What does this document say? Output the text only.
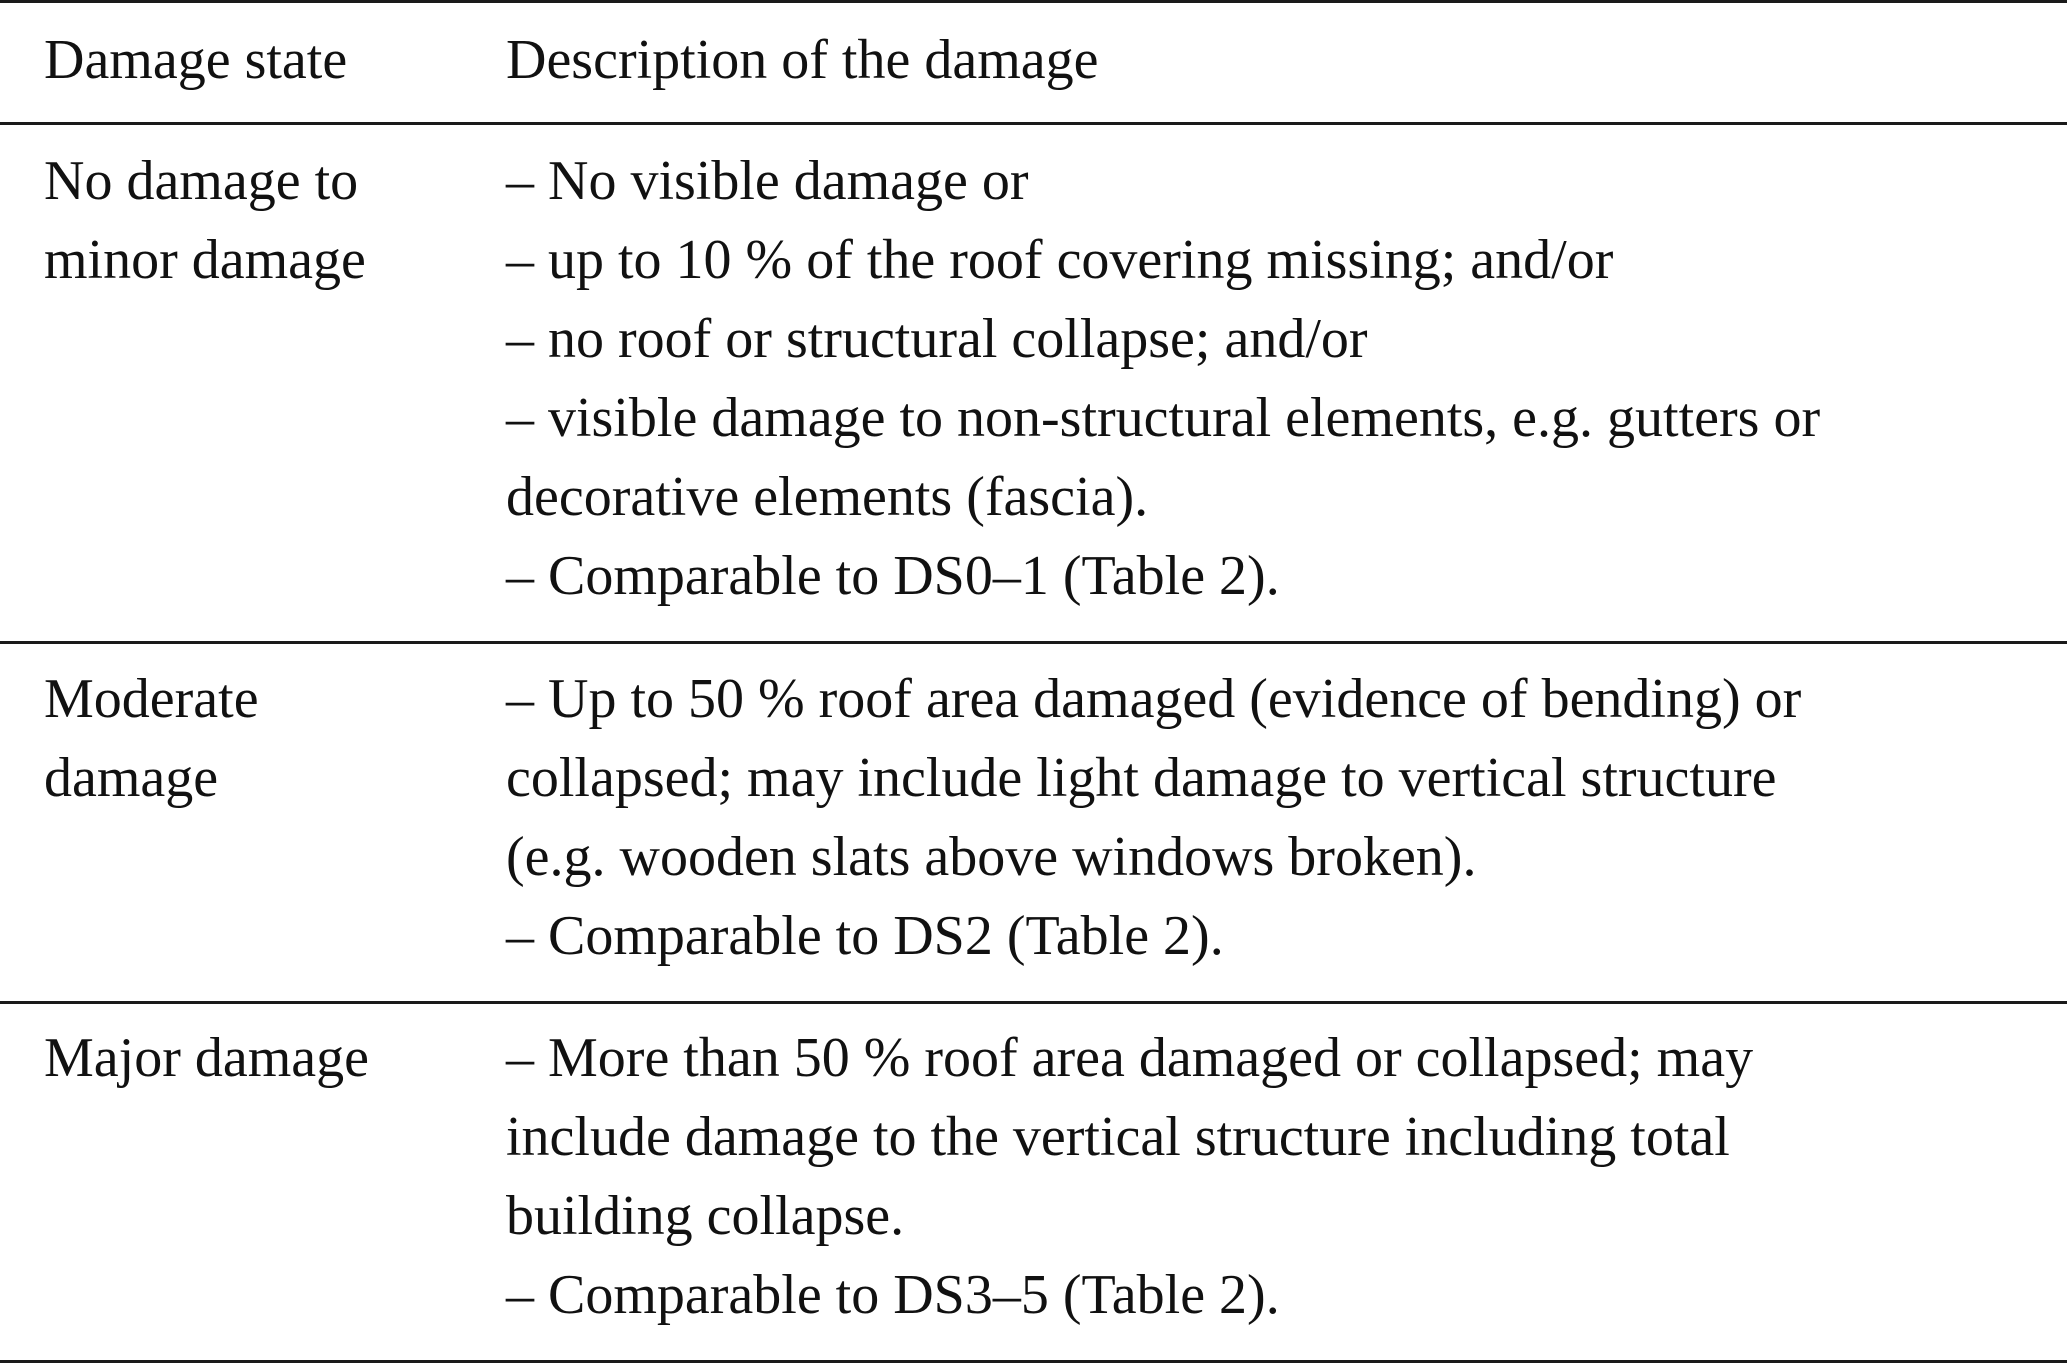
Damage state	Description of the damage
No damage to
minor damage
– No visible damage or
– up to 10 % of the roof covering missing; and/or
– no roof or structural collapse; and/or
– visible damage to non-structural elements, e.g. gutters or
decorative elements (fascia).
– Comparable to DS0–1 (Table 2).
Moderate
damage
– Up to 50 % roof area damaged (evidence of bending) or
collapsed; may include light damage to vertical structure
(e.g. wooden slats above windows broken).
– Comparable to DS2 (Table 2).
Major damage – More than 50 % roof area damaged or collapsed; may
include damage to the vertical structure including total
building collapse.
– Comparable to DS3–5 (Table 2).
